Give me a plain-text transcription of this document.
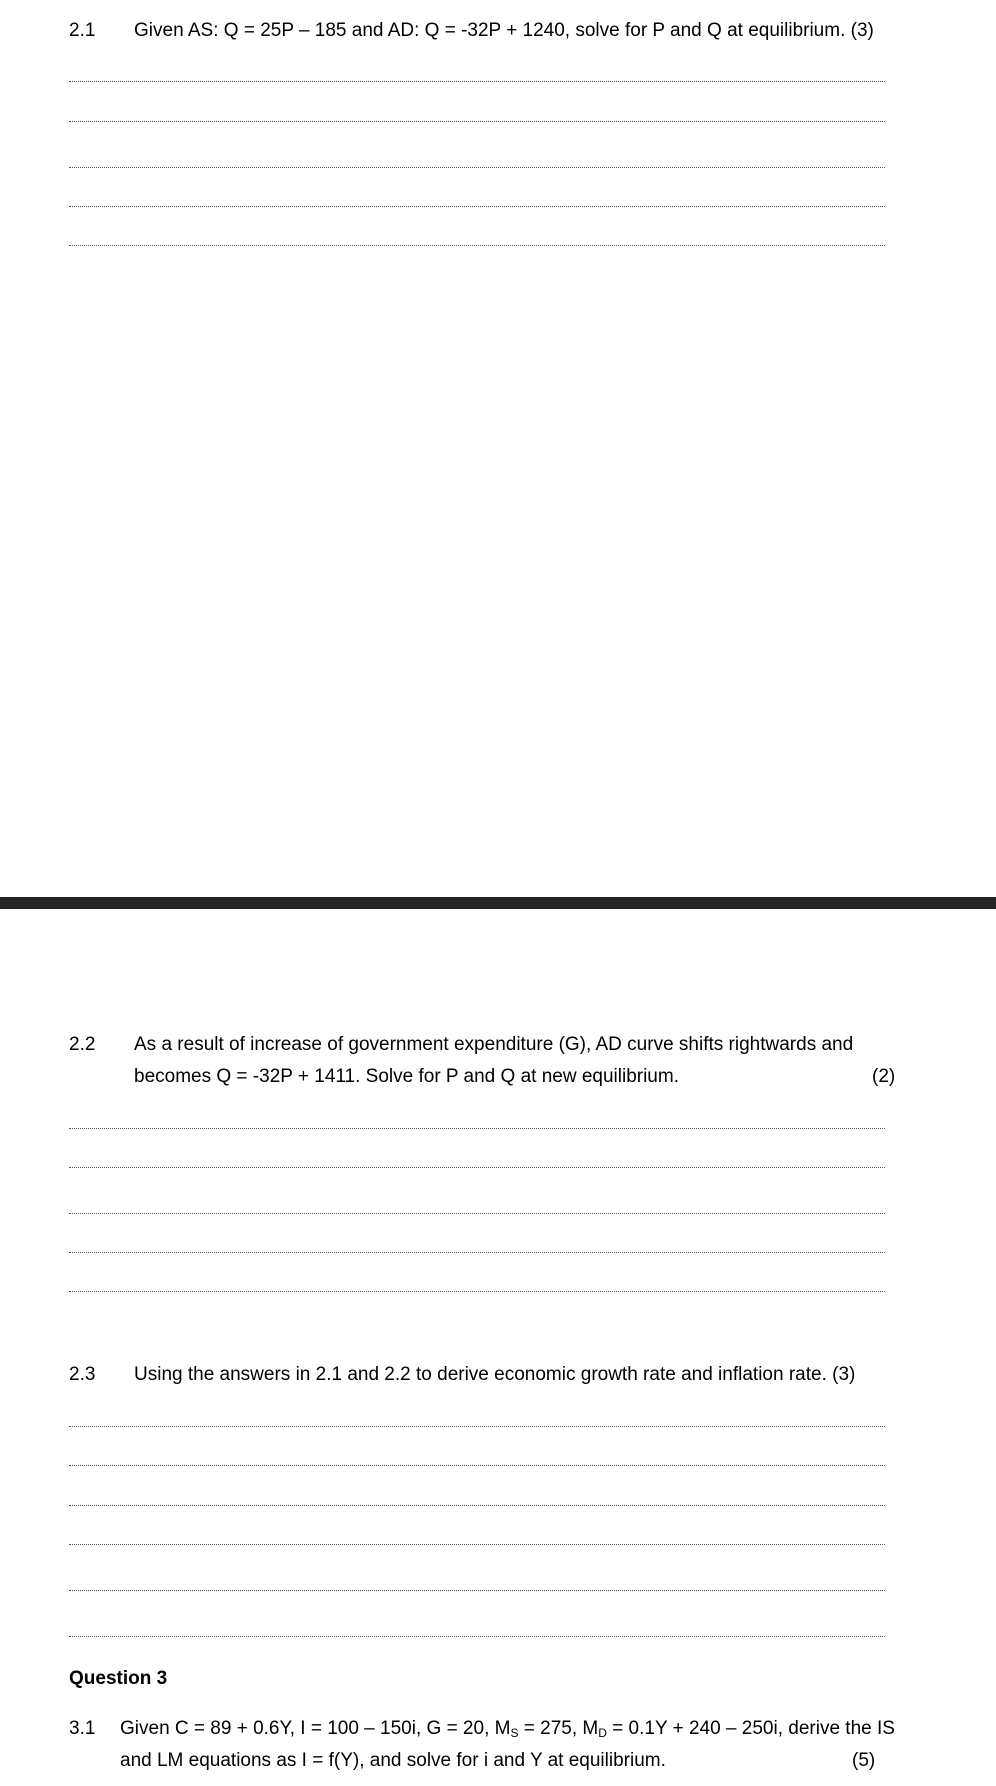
2.1 Given AS: Q = 25P – 185 and AD: Q = -32P + 1240, solve for P and Q at equilibrium. (3)
2.2 As a result of increase of government expenditure (G), AD curve shifts rightwards and
becomes Q = -32P + 1411. Solve for P and Q at new equilibrium.	(2)
2.3 Using the answers in 2.1 and 2.2 to derive economic growth rate and inflation rate. (3)
Question 3
3.1 Given C = 89 + 0.6Y, I = 100 – 150i, G = 20, $M_S = 275$, $M_D = 0.1Y + 240 - 250i$, derive the IS
and LM equations as I = f(Y), and solve for i and Y at equilibrium.	(5)
